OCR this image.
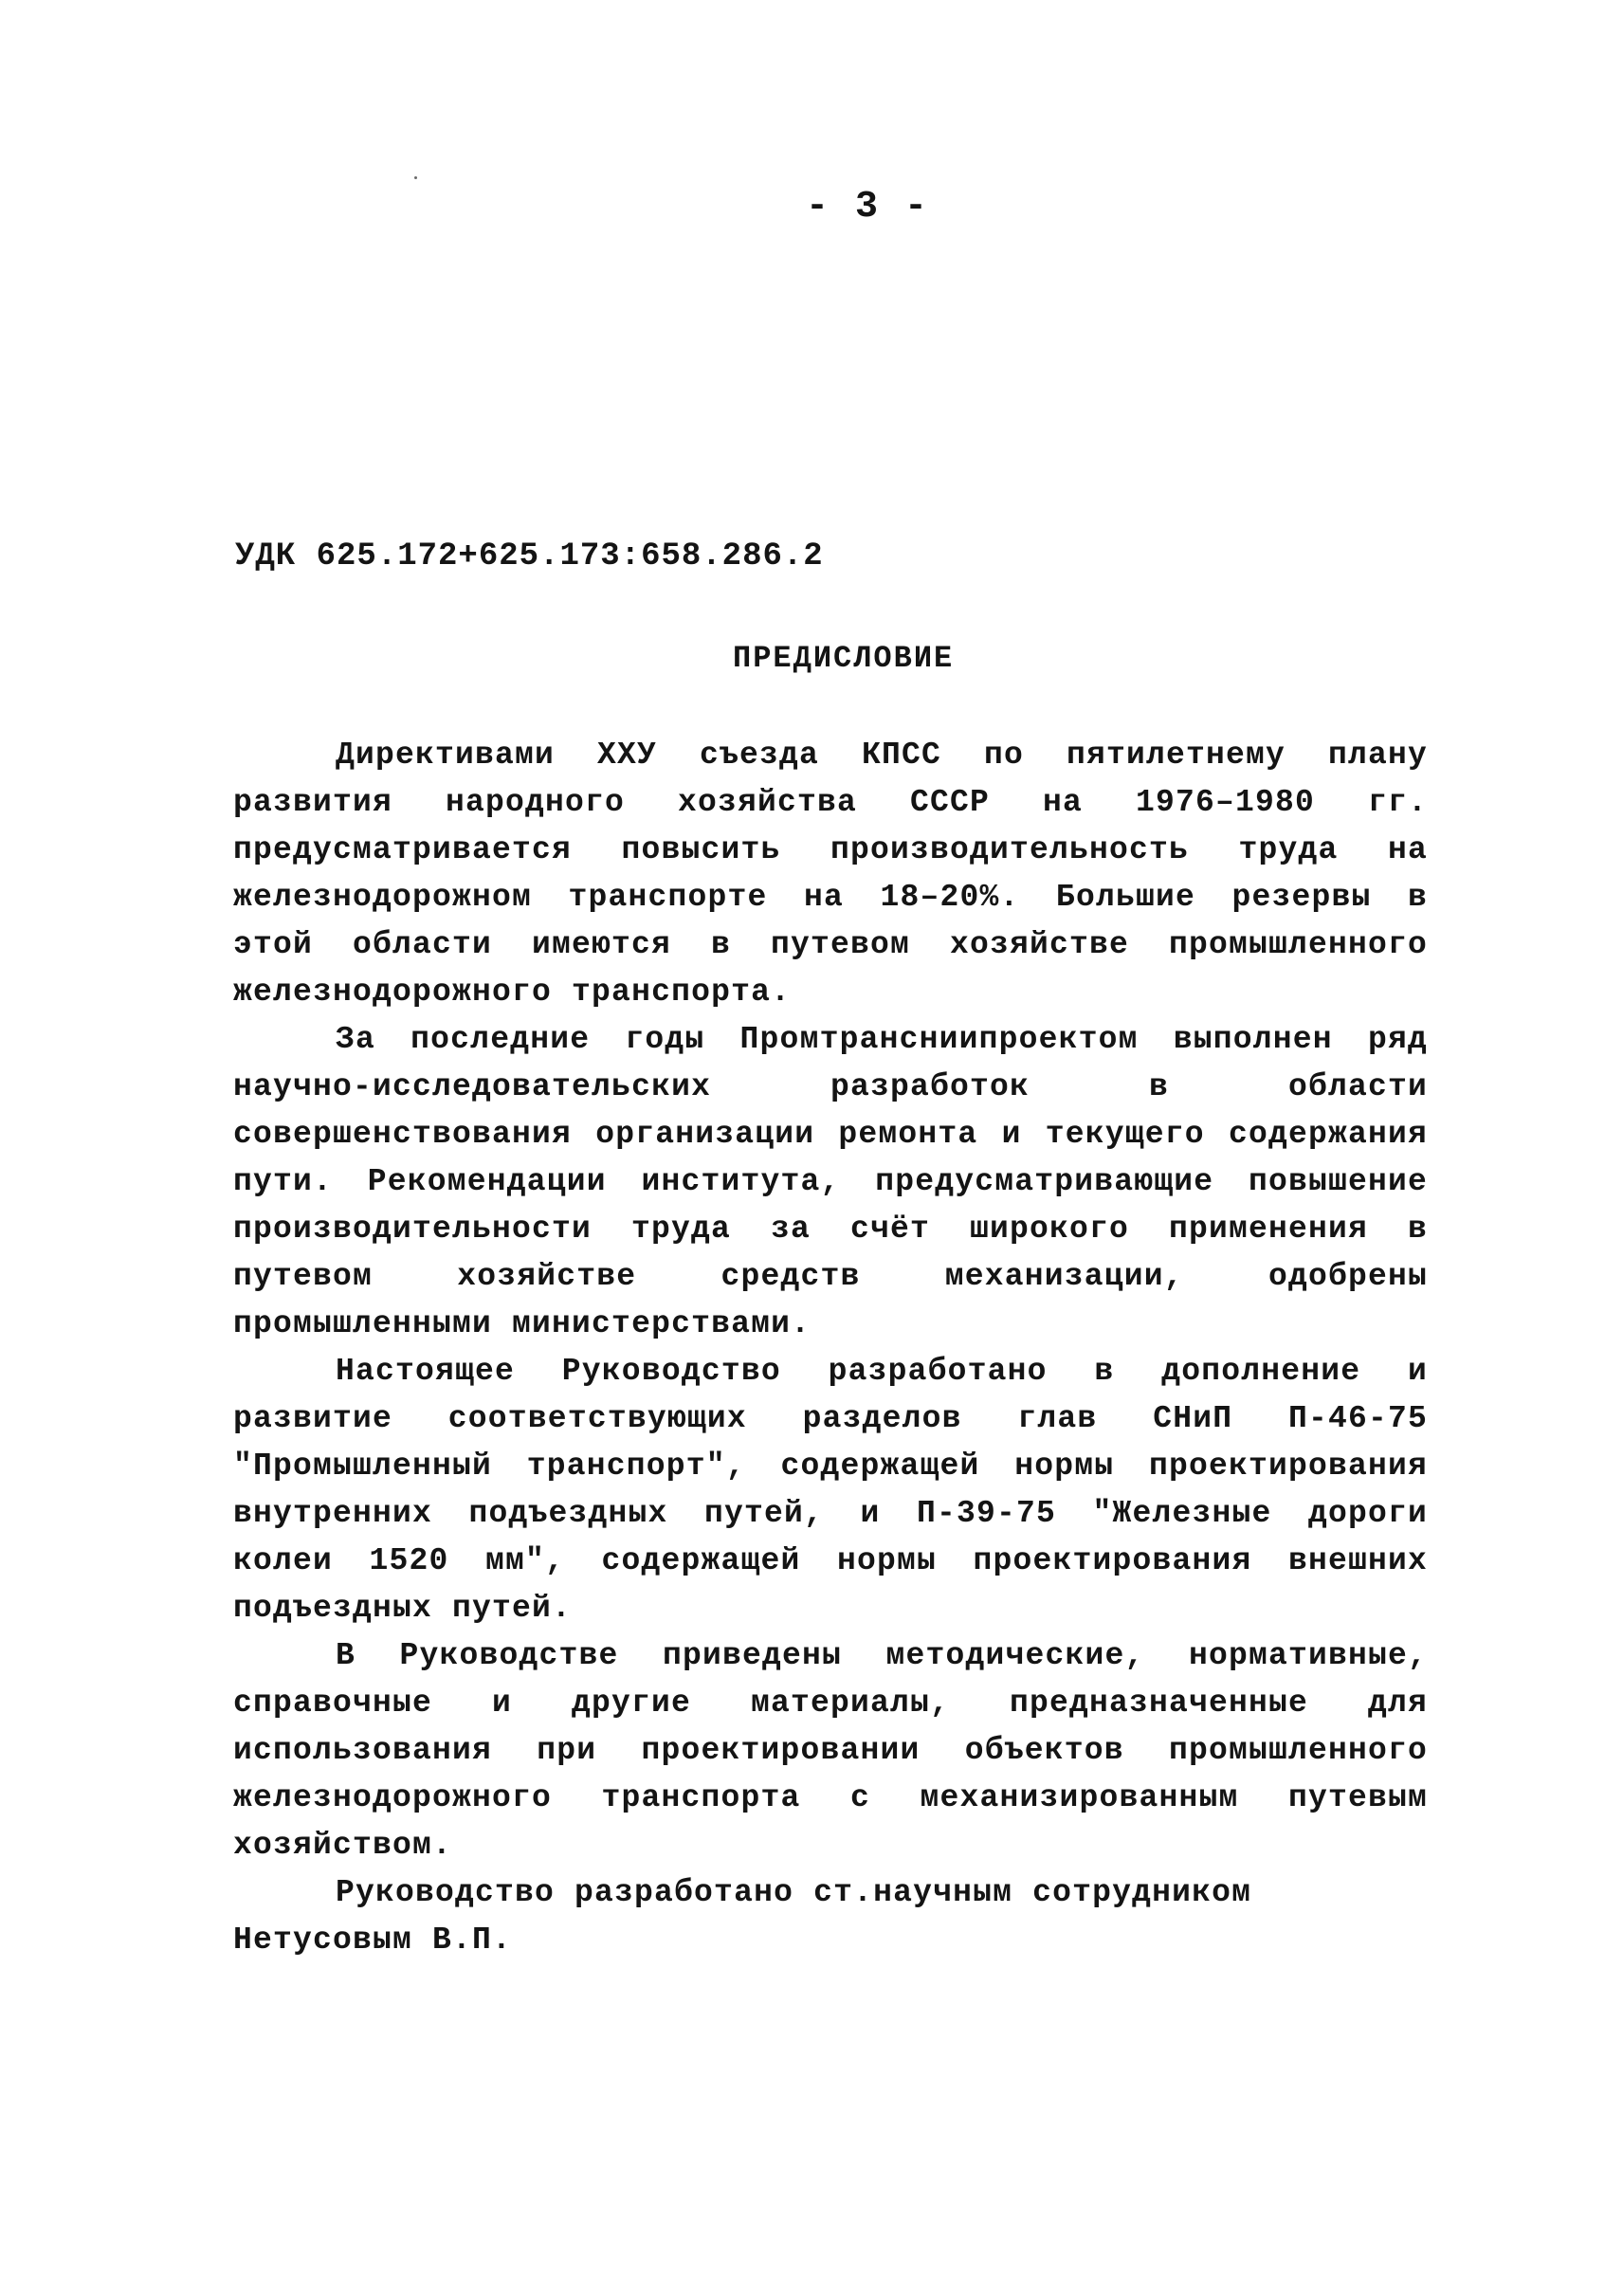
- 3 -
УДК 625.172+625.173:658.286.2
ПРЕДИСЛОВИЕ

Директивами XXУ съезда КПСС по пятилетнему плану развития народного хозяйства СССР на 1976–1980 гг. предусматривается повысить производительность труда на железнодорожном транспорте на 18–20%. Большие резервы в этой области имеются в путевом хозяйстве промышленного железнодорожного транспорта.

За последние годы Промтрансниипроектом выполнен ряд научно-исследовательских разработок в области совершенствования организации ремонта и текущего содержания пути. Рекомендации института, предусматривающие повышение производительности труда за счёт широкого применения в путевом хозяйстве средств механизации, одобрены промышленными министерствами.

Настоящее Руководство разработано в дополнение и развитие соответствующих разделов глав СНиП П-46-75 "Промышленный транспорт", содержащей нормы проектирования внутренних подъездных путей, и П-39-75 "Железные дороги колеи 1520 мм", содержащей нормы проектирования внешних подъездных путей.

В Руководстве приведены методические, нормативные, справочные и другие материалы, предназначенные для использования при проектировании объектов промышленного железнодорожного транспорта с механизированным путевым хозяйством.

Руководство разработано ст.научным сотрудником

Нетусовым В.П.
